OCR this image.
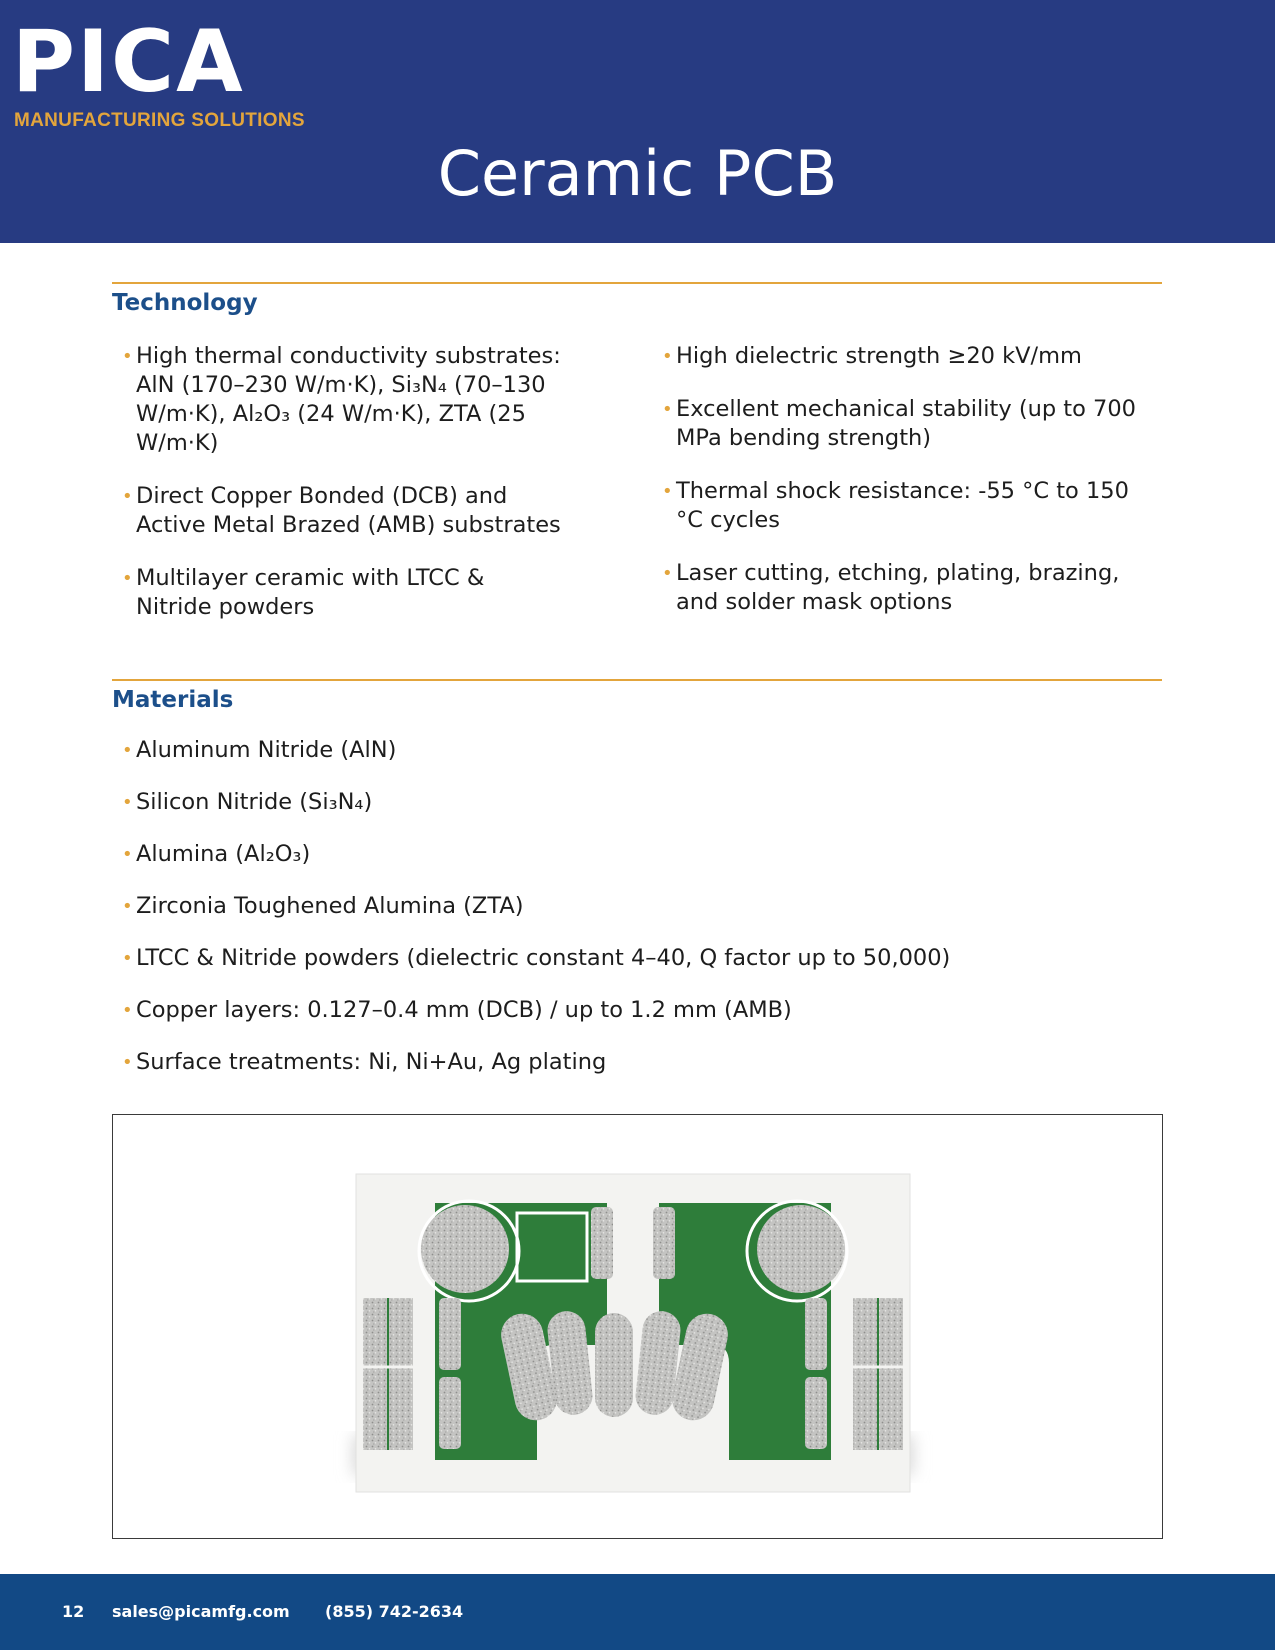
PICA
MANUFACTURING SOLUTIONS
Ceramic PCB
Technology
• High thermal conductivity substrates: AlN (170–230 W/m·K), Si₃N₄ (70–130 W/m·K), Al₂O₃ (24 W/m·K), ZTA (25 W/m·K)
• Direct Copper Bonded (DCB) and Active Metal Brazed (AMB) substrates
• Multilayer ceramic with LTCC & Nitride powders
• High dielectric strength ≥20 kV/mm
• Excellent mechanical stability (up to 700 MPa bending strength)
• Thermal shock resistance: -55 °C to 150 °C cycles
• Laser cutting, etching, plating, brazing, and solder mask options
Materials
• Aluminum Nitride (AlN)
• Silicon Nitride (Si₃N₄)
• Alumina (Al₂O₃)
• Zirconia Toughened Alumina (ZTA)
• LTCC & Nitride powders (dielectric constant 4–40, Q factor up to 50,000)
• Copper layers: 0.127–0.4 mm (DCB) / up to 1.2 mm (AMB)
• Surface treatments: Ni, Ni+Au, Ag plating
12 sales@picamfg.com (855) 742-2634
